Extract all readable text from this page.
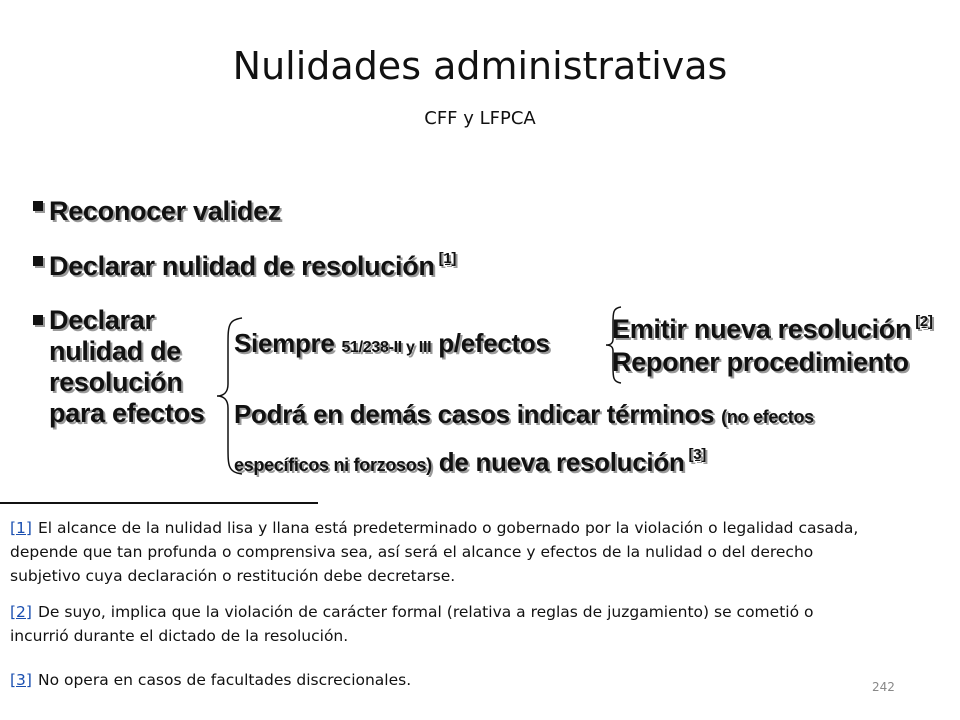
Nulidades administrativas
CFF y LFPCA
Reconocer validez
Declarar nulidad de resolución [1]
Declarar
nulidad de
resolución
para efectos
Siempre 51/238-II y III p/efectos Emitir nueva resolución [2]
Reponer procedimiento
Podrá en demás casos indicar términos (no efectos
específicos ni forzosos) de nueva resolución [3]
[1] El alcance de la nulidad lisa y llana está predeterminado o gobernado por la violación o legalidad casada,
depende que tan profunda o comprensiva sea, así será el alcance y efectos de la nulidad o del derecho
subjetivo cuya declaración o restitución debe decretarse.
[2] De suyo, implica que la violación de carácter formal (relativa a reglas de juzgamiento) se cometió o
incurrió durante el dictado de la resolución.
[3] No opera en casos de facultades discrecionales.	242
